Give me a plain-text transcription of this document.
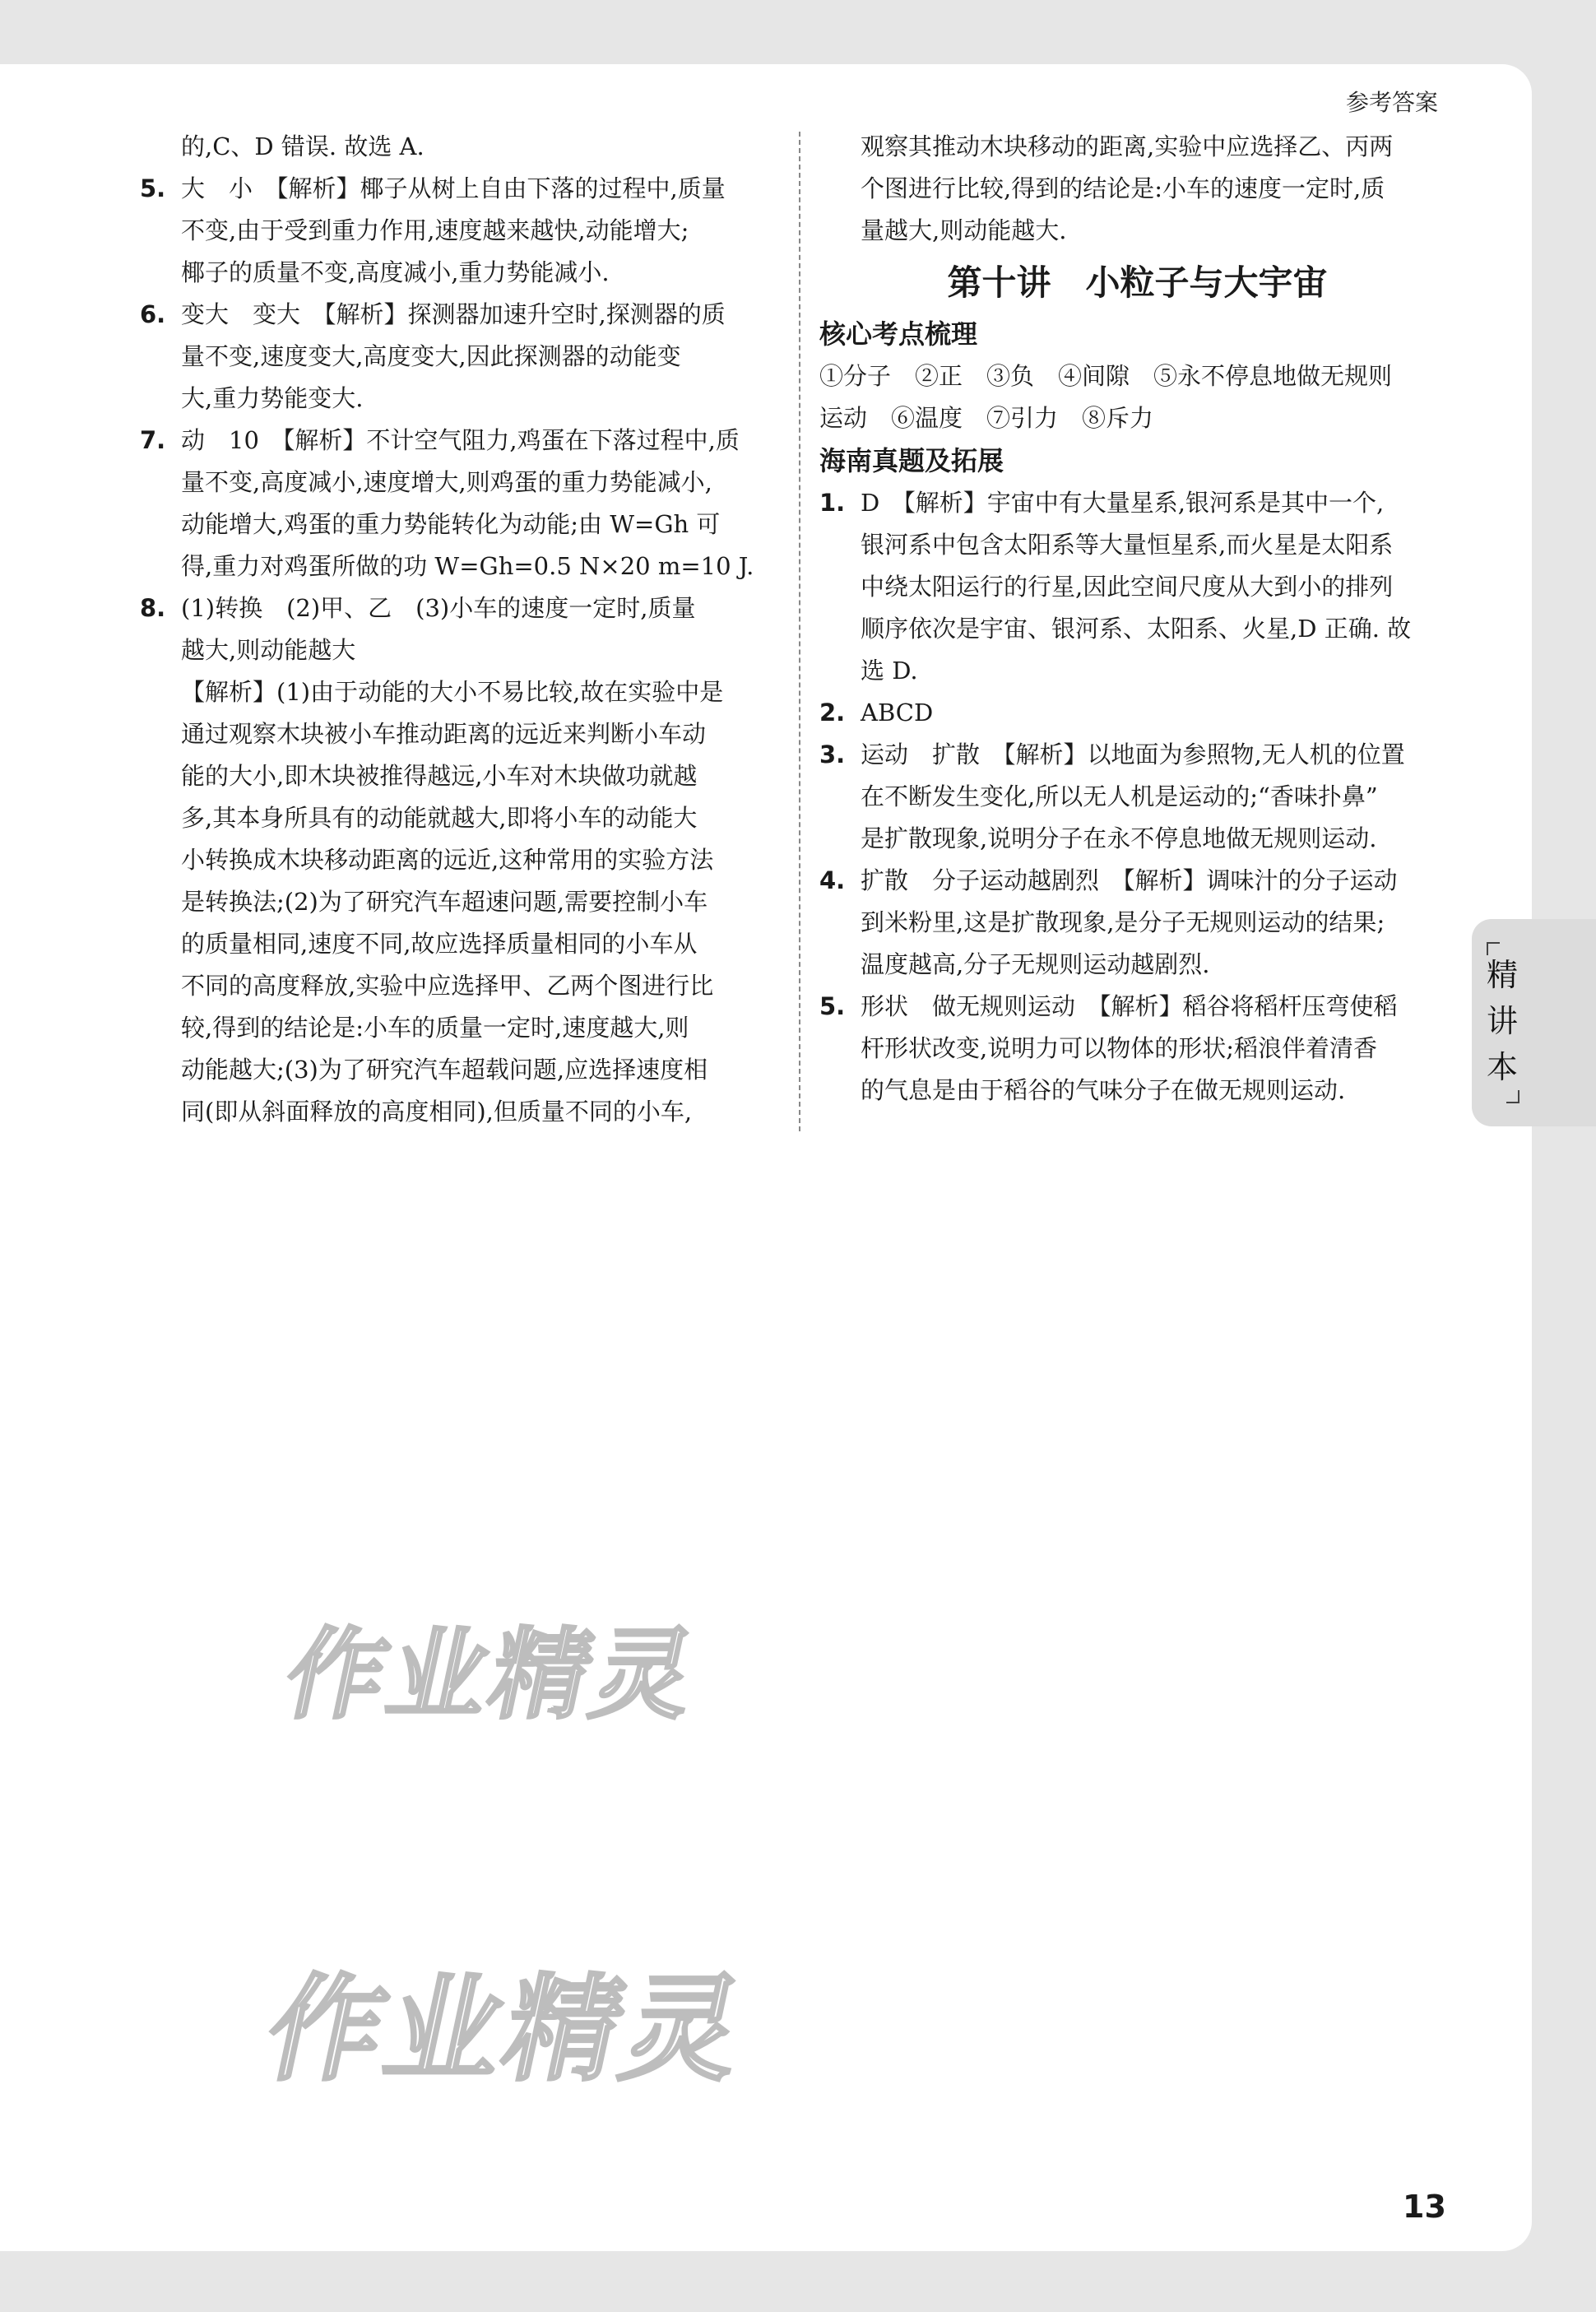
参考答案
的,C、D 错误. 故选 A.
5. 大　小　【解析】椰子从树上自由下落的过程中,质量
不变,由于受到重力作用,速度越来越快,动能增大;
椰子的质量不变,高度减小,重力势能减小.
6. 变大　变大　【解析】探测器加速升空时,探测器的质
量不变,速度变大,高度变大,因此探测器的动能变
大,重力势能变大.
7. 动　10　【解析】不计空气阻力,鸡蛋在下落过程中,质
量不变,高度减小,速度增大,则鸡蛋的重力势能减小,
动能增大,鸡蛋的重力势能转化为动能;由 W=Gh 可
得,重力对鸡蛋所做的功 W=Gh=0.5 N×20 m=10 J.
8. (1)转换　(2)甲、乙　(3)小车的速度一定时,质量
越大,则动能越大
【解析】(1)由于动能的大小不易比较,故在实验中是
通过观察木块被小车推动距离的远近来判断小车动
能的大小,即木块被推得越远,小车对木块做功就越
多,其本身所具有的动能就越大,即将小车的动能大
小转换成木块移动距离的远近,这种常用的实验方法
是转换法;(2)为了研究汽车超速问题,需要控制小车
的质量相同,速度不同,故应选择质量相同的小车从
不同的高度释放,实验中应选择甲、乙两个图进行比
较,得到的结论是:小车的质量一定时,速度越大,则
动能越大;(3)为了研究汽车超载问题,应选择速度相
同(即从斜面释放的高度相同),但质量不同的小车,
观察其推动木块移动的距离,实验中应选择乙、丙两
个图进行比较,得到的结论是:小车的速度一定时,质
量越大,则动能越大.
第十讲　小粒子与大宇宙
核心考点梳理
①分子　②正　③负　④间隙　⑤永不停息地做无规则
运动　⑥温度　⑦引力　⑧斥力
海南真题及拓展
1. D　【解析】宇宙中有大量星系,银河系是其中一个,
银河系中包含太阳系等大量恒星系,而火星是太阳系
中绕太阳运行的行星,因此空间尺度从大到小的排列
顺序依次是宇宙、银河系、太阳系、火星,D 正确. 故
选 D.
2. ABCD
3. 运动　扩散　【解析】以地面为参照物,无人机的位置
在不断发生变化,所以无人机是运动的;“香味扑鼻”
是扩散现象,说明分子在永不停息地做无规则运动.
4. 扩散　分子运动越剧烈　【解析】调味汁的分子运动
到米粉里,这是扩散现象,是分子无规则运动的结果;
温度越高,分子无规则运动越剧烈.
5. 形状　做无规则运动　【解析】稻谷将稻杆压弯使稻
杆形状改变,说明力可以物体的形状;稻浪伴着清香
的气息是由于稻谷的气味分子在做无规则运动.
精讲本
作业精灵
作业精灵
13
